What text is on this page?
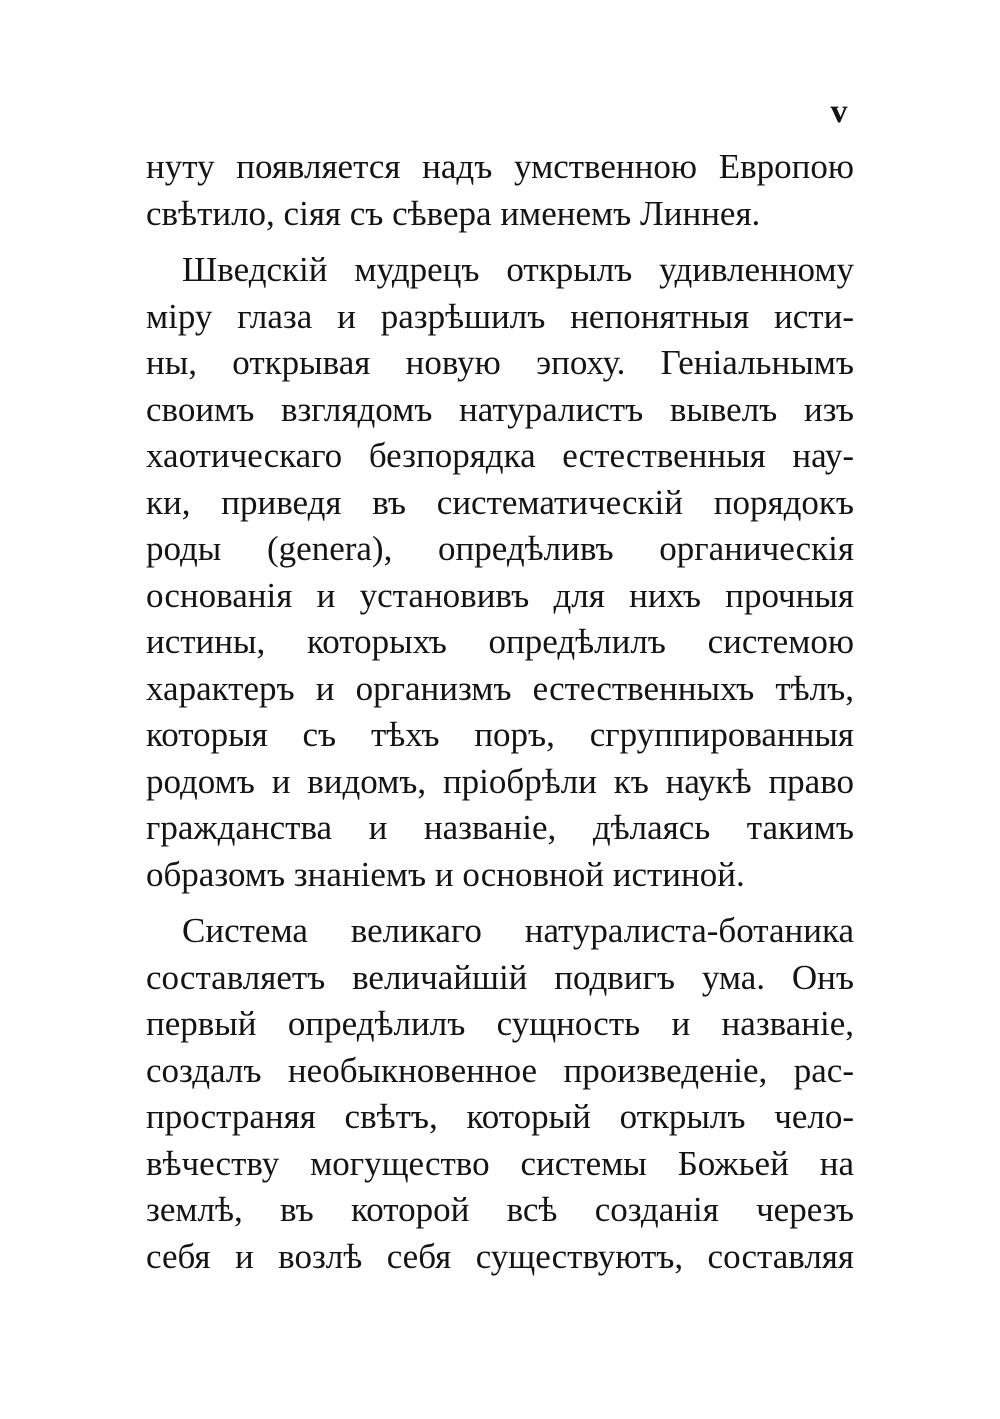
v
нуту появляется надъ умственною Европою
свѣтило, сiяя съ сѣвера именемъ Линнея.
Шведскiй мудрецъ открылъ удивленному
мiру глаза и разрѣшилъ непонятныя исти-
ны, открывая новую эпоху. Генiальнымъ
своимъ взглядомъ натуралистъ вывелъ изъ
хаотическаго безпорядка естественныя нау-
ки, приведя въ систематическiй порядокъ
роды (genera), опредѣливъ органическiя
основанiя и установивъ для нихъ прочныя
истины, которыхъ опредѣлилъ системою
характеръ и организмъ естественныхъ тѣлъ,
которыя съ тѣхъ поръ, сгруппированныя
родомъ и видомъ, прiобрѣли къ наукѣ право
гражданства и названiе, дѣлаясь такимъ
образомъ знанiемъ и основной истиной.
Система великаго натуралиста-ботаника
составляетъ величайшiй подвигъ ума. Онъ
первый опредѣлилъ сущность и названiе,
создалъ необыкновенное произведенiе, рас-
пространяя свѣтъ, который открылъ чело-
вѣчеству могущество системы Божьей на
землѣ, въ которой всѣ созданiя черезъ
себя и возлѣ себя существуютъ, составляя
